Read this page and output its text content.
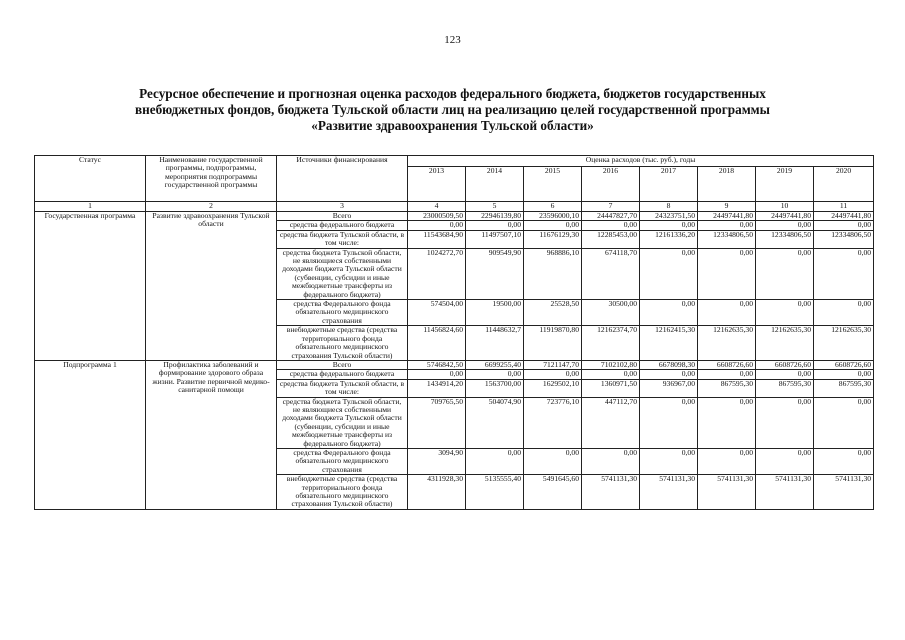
123
Ресурсное обеспечение и прогнозная оценка расходов федерального бюджета, бюджетов государственных
внебюджетных фондов, бюджета Тульской области лиц на реализацию целей государственной программы
«Развитие здравоохранения Тульской области»
Статус	Наименование государственной программы, подпрограммы, мероприятия подпрограммы государственной программы	Источники финансирования	Оценка расходов (тыс. руб.), годы							
			2013	2014	2015	2016	2017	2018	2019	2020
1	2	3	4	5	6	7	8	9	10	11
Государственная программа	Развитие здравоохранения Тульской области	Всего	23000509,50	22946139,80	23596000,10	24447827,70	24323751,50	24497441,80	24497441,80	24497441,80
		средства федерального бюджета	0,00	0,00	0,00	0,00	0,00	0,00	0,00	0,00
		средства бюджета Тульской области, в том числе:	11543684,90	11497507,10	11676129,30	12285453,00	12161336,20	12334806,50	12334806,50	12334806,50
		средства бюджета Тульской области, не являющиеся собственными доходами бюджета Тульской области (субвенции, субсидии и иные межбюджетные трансферты из федерального бюджета)	1024272,70	909549,90	968886,10	674118,70	0,00	0,00	0,00	0,00
		средства Федерального фонда обязательного медицинского страхования	574504,00	19500,00	25528,50	30500,00	0,00	0,00	0,00	0,00
		внебюджетные средства (средства территориального фонда обязательного медицинского страхования Тульской области)	11456824,60	11448632,7	11919870,80	12162374,70	12162415,30	12162635,30	12162635,30	12162635,30
Подпрограмма 1	Профилактика заболеваний и формирование здорового образа жизни. Развитие первичной медико-санитарной помощи	Всего	5746842,50	6699255,40	7121147,70	7102102,80	6678098,30	6608726,60	6608726,60	6608726,60
		средства федерального бюджета	0,00	0,00	0,00	0,00	0,00	0,00	0,00	0,00
		средства бюджета Тульской области, в том числе:	1434914,20	1563700,00	1629502,10	1360971,50	936967,00	867595,30	867595,30	867595,30
		средства бюджета Тульской области, не являющиеся собственными доходами бюджета Тульской области (субвенции, субсидии и иные межбюджетные трансферты из федерального бюджета)	709765,50	504074,90	723776,10	447112,70	0,00	0,00	0,00	0,00
		средства Федерального фонда обязательного медицинского страхования	3094,90	0,00	0,00	0,00	0,00	0,00	0,00	0,00
		внебюджетные средства (средства территориального фонда обязательного медицинского страхования Тульской области)	4311928,30	5135555,40	5491645,60	5741131,30	5741131,30	5741131,30	5741131,30	5741131,30
